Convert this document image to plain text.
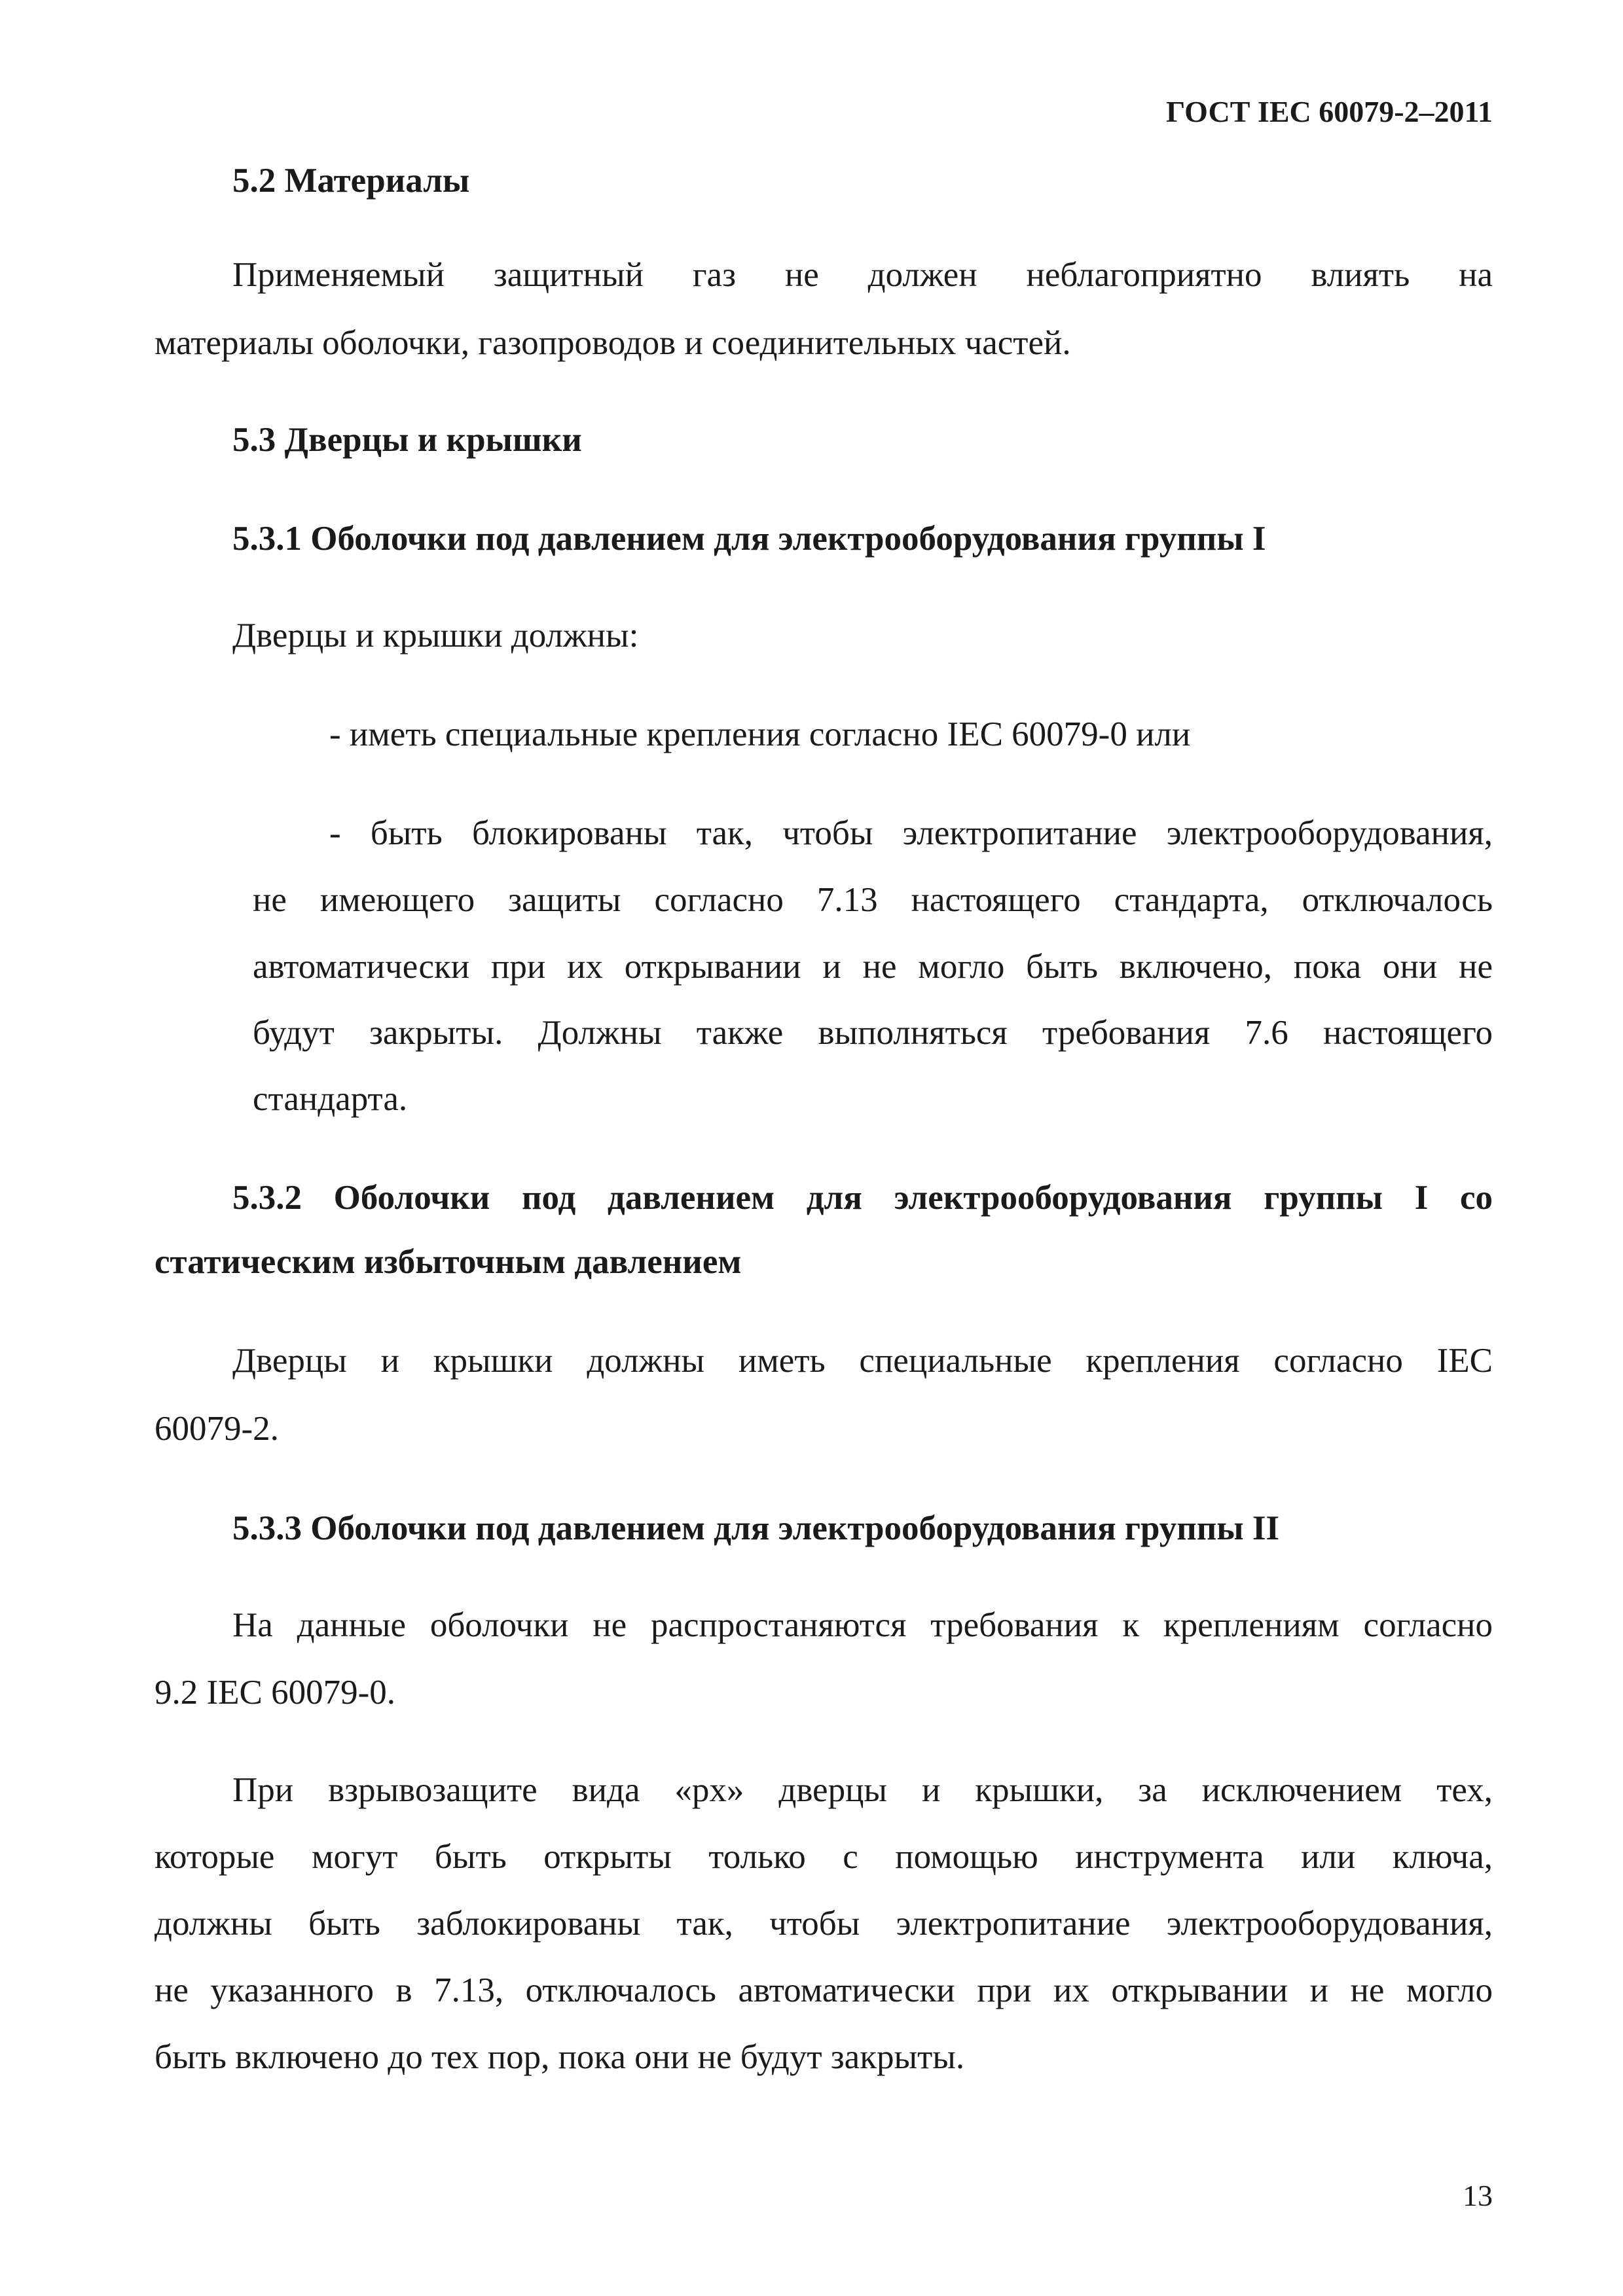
ГОСТ IEC 60079-2–2011
5.2 Материалы
Применяемый защитный газ не должен неблагоприятно влиять на
материалы оболочки, газопроводов и соединительных частей.
5.3 Дверцы и крышки
5.3.1 Оболочки под давлением для электрооборудования группы I
Дверцы и крышки должны:
- иметь специальные крепления согласно IEC 60079-0 или
- быть блокированы так, чтобы электропитание электрооборудования,
не имеющего защиты согласно 7.13 настоящего стандарта, отключалось
автоматически при их открывании и не могло быть включено, пока они не
будут закрыты. Должны также выполняться требования 7.6 настоящего
стандарта.
5.3.2 Оболочки под давлением для электрооборудования группы I со
статическим избыточным давлением
Дверцы и крышки должны иметь специальные крепления согласно IEC
60079-2.
5.3.3 Оболочки под давлением для электрооборудования группы II
На данные оболочки не распростаняются требования к креплениям согласно
9.2 IEC 60079-0.
При взрывозащите вида «px» дверцы и крышки, за исключением тех,
которые могут быть открыты только с помощью инструмента или ключа,
должны быть заблокированы так, чтобы электропитание электрооборудования,
не указанного в 7.13, отключалось автоматически при их открывании и не могло
быть включено до тех пор, пока они не будут закрыты.
13
